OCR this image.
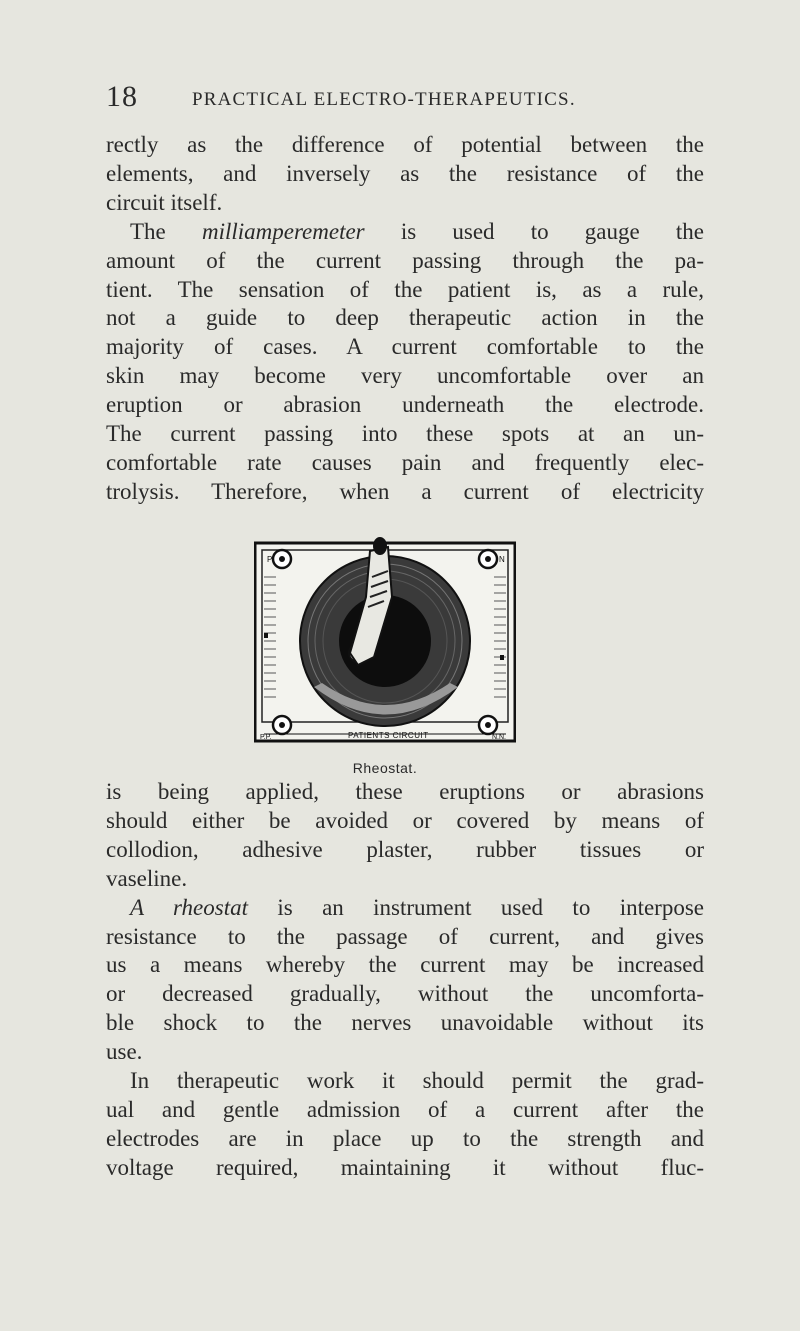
18	PRACTICAL ELECTRO-THERAPEUTICS.
rectly as the difference of potential between the
elements, and inversely as the resistance of the
circuit itself.
The milliamperemeter is used to gauge the
amount of the current passing through the pa-
tient. The sensation of the patient is, as a rule,
not a guide to deep therapeutic action in the
majority of cases. A current comfortable to the
skin may become very uncomfortable over an
eruption or abrasion underneath the electrode.
The current passing into these spots at an un-
comfortable rate causes pain and frequently elec-
trolysis. Therefore, when a current of electricity
P	N
P.P.	PATIENTS CIRCUIT	N.N.
Rheostat.
is being applied, these eruptions or abrasions
should either be avoided or covered by means of
collodion, adhesive plaster, rubber tissues or
vaseline.
A rheostat is an instrument used to interpose
resistance to the passage of current, and gives
us a means whereby the current may be increased
or decreased gradually, without the uncomforta-
ble shock to the nerves unavoidable without its
use.
In therapeutic work it should permit the grad-
ual and gentle admission of a current after the
electrodes are in place up to the strength and
voltage required, maintaining it without fluc-
